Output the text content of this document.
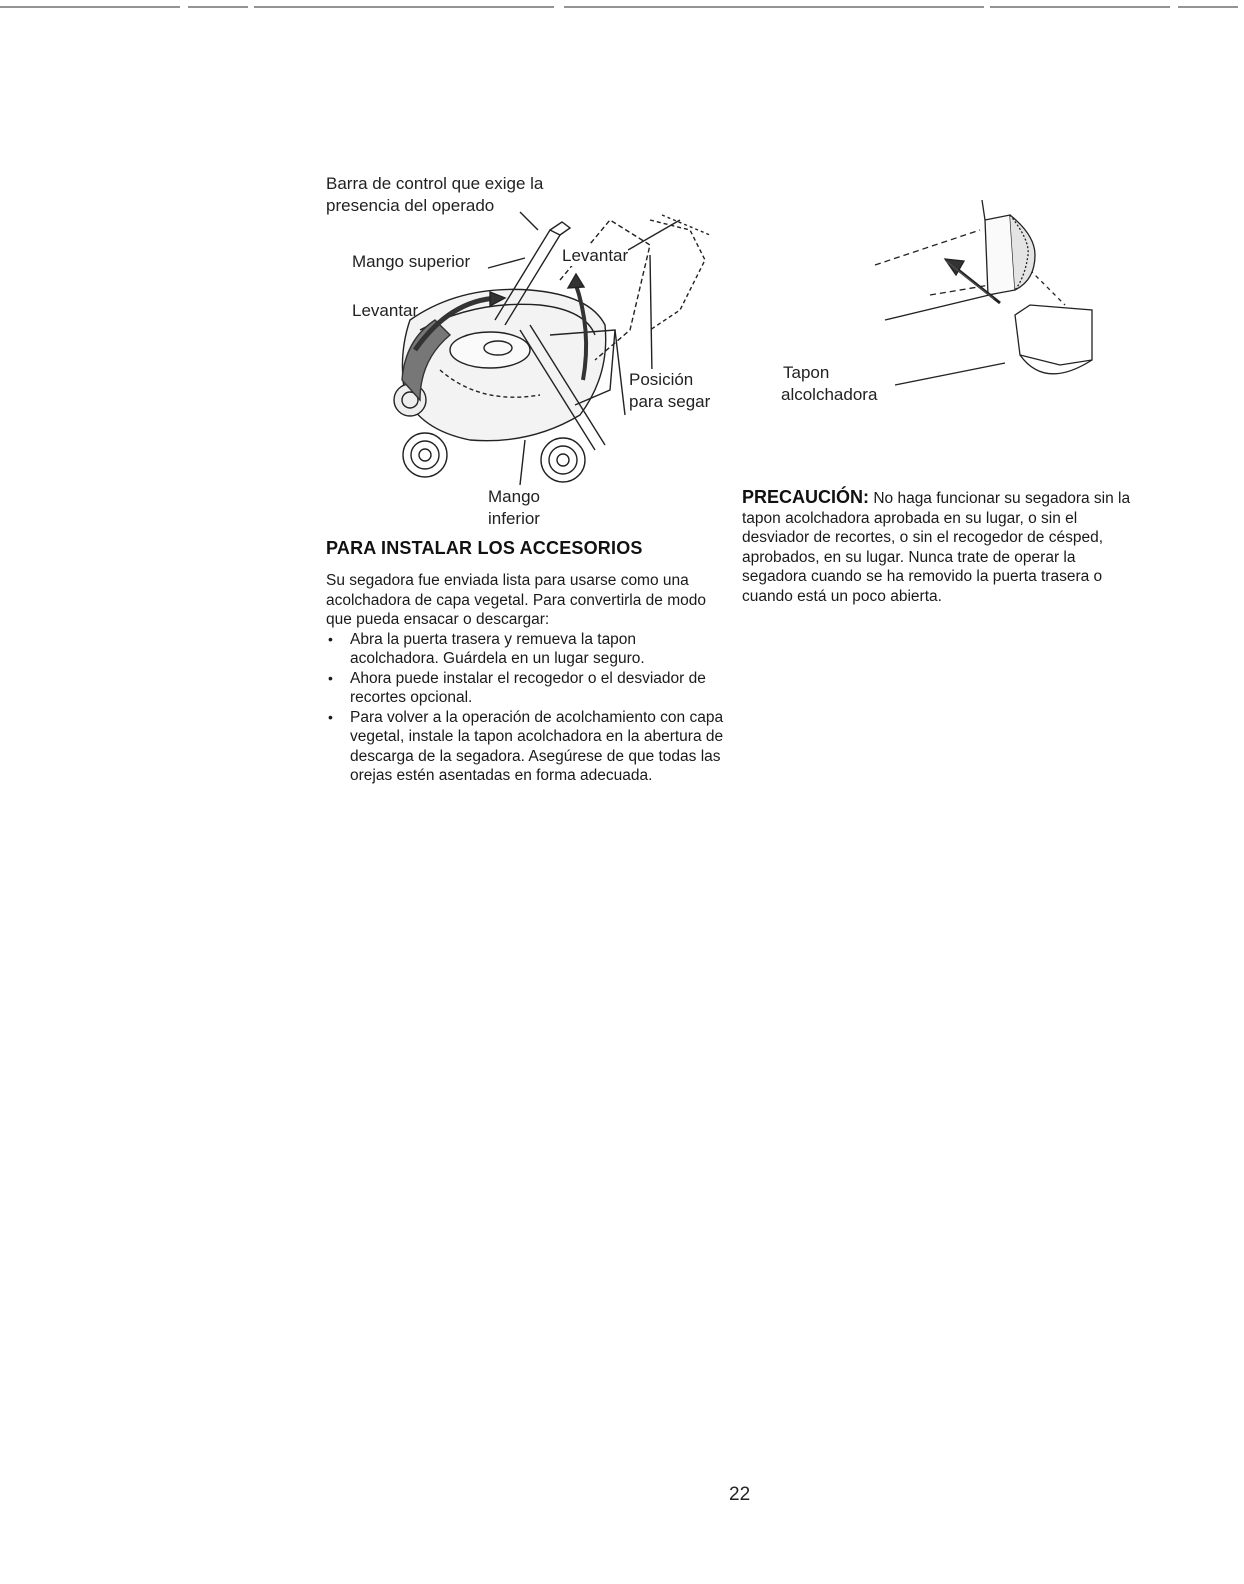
Barra de control que exige la
presencia del operado
Mango superior	Levantar
Levantar
Posición
para segar
Mango
inferior
Tapon
alcolchadora
PARA INSTALAR LOS ACCESORIOS
Su segadora fue enviada lista para usarse como una acolchadora de capa vegetal. Para convertirla de modo que pueda ensacar o descargar:
• Abra la puerta trasera y remueva la tapon acolchadora. Guárdela en un lugar seguro.
• Ahora puede instalar el recogedor o el desviador de recortes opcional.
• Para volver a la operación de acolchamiento con capa vegetal, instale la tapon acolchadora en la abertura de descarga de la segadora. Asegúrese de que todas las orejas estén asentadas en forma adecuada.
PRECAUCIÓN: No haga funcionar su segadora sin la tapon acolchadora aprobada en su lugar, o sin el desviador de recortes, o sin el recogedor de césped, aprobados, en su lugar. Nunca trate de operar la segadora cuando se ha removido la puerta trasera o cuando está un poco abierta.
22
